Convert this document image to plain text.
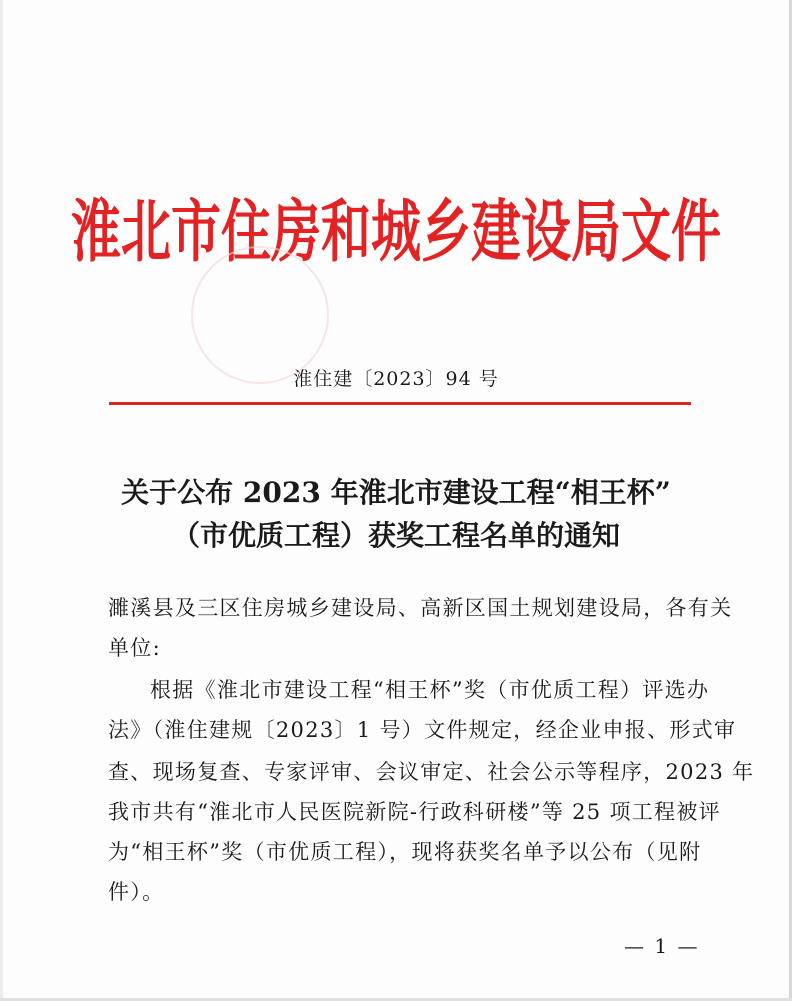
淮北市住房和城乡建设局文件
淮住建〔2023〕94 号
关于公布 2023 年淮北市建设工程“相王杯”
（市优质工程）获奖工程名单的通知
濉溪县及三区住房城乡建设局、高新区国土规划建设局，各有关
单位:
根据《淮北市建设工程“相王杯”奖（市优质工程）评选办
法》（淮住建规〔2023〕1 号）文件规定，经企业申报、形式审
查、现场复查、专家评审、会议审定、社会公示等程序，2023 年
我市共有“淮北市人民医院新院-行政科研楼”等 25 项工程被评
为“相王杯”奖（市优质工程），现将获奖名单予以公布（见附
件）。
— 1 —
